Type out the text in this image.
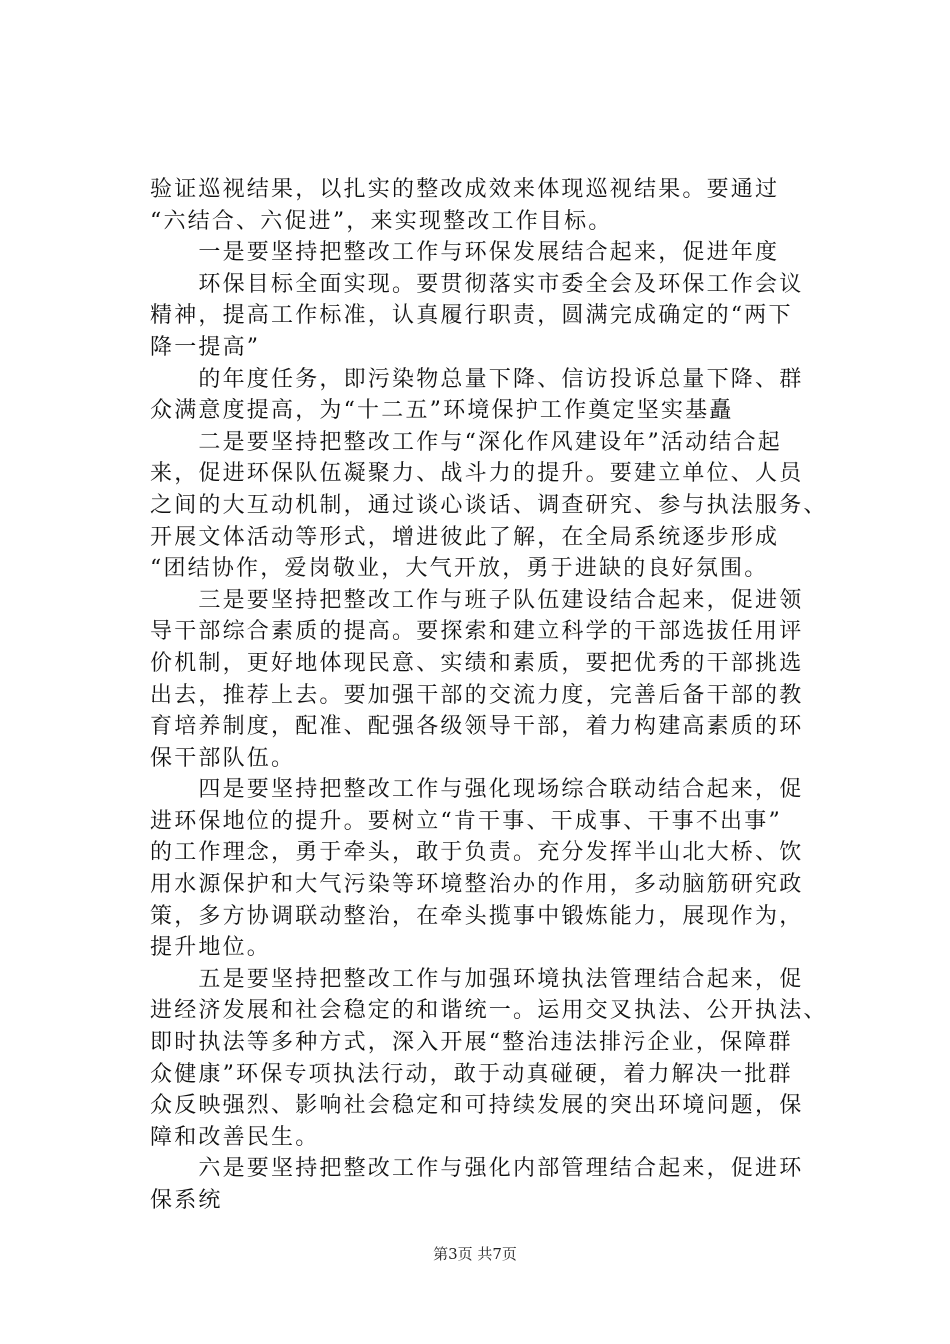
验证巡视结果，以扎实的整改成效来体现巡视结果。要通过
“六结合、六促进”，来实现整改工作目标。
　　一是要坚持把整改工作与环保发展结合起来，促进年度
　　环保目标全面实现。要贯彻落实市委全会及环保工作会议
精神，提高工作标准，认真履行职责，圆满完成确定的“两下
降一提高”
　　的年度任务，即污染物总量下降、信访投诉总量下降、群
众满意度提高，为“十二五”环境保护工作奠定坚实基矗
　　二是要坚持把整改工作与“深化作风建设年”活动结合起
来，促进环保队伍凝聚力、战斗力的提升。要建立单位、人员
之间的大互动机制，通过谈心谈话、调查研究、参与执法服务、
开展文体活动等形式，增进彼此了解，在全局系统逐步形成
“团结协作，爱岗敬业，大气开放，勇于进缺的良好氛围。
　　三是要坚持把整改工作与班子队伍建设结合起来，促进领
导干部综合素质的提高。要探索和建立科学的干部选拔任用评
价机制，更好地体现民意、实绩和素质，要把优秀的干部挑选
出去，推荐上去。要加强干部的交流力度，完善后备干部的教
育培养制度，配准、配强各级领导干部，着力构建高素质的环
保干部队伍。
　　四是要坚持把整改工作与强化现场综合联动结合起来，促
进环保地位的提升。要树立“肯干事、干成事、干事不出事”
的工作理念，勇于牵头，敢于负责。充分发挥半山北大桥、饮
用水源保护和大气污染等环境整治办的作用，多动脑筋研究政
策，多方协调联动整治，在牵头揽事中锻炼能力，展现作为，
提升地位。
　　五是要坚持把整改工作与加强环境执法管理结合起来，促
进经济发展和社会稳定的和谐统一。运用交叉执法、公开执法、
即时执法等多种方式，深入开展“整治违法排污企业，保障群
众健康”环保专项执法行动，敢于动真碰硬，着力解决一批群
众反映强烈、影响社会稳定和可持续发展的突出环境问题，保
障和改善民生。
　　六是要坚持把整改工作与强化内部管理结合起来，促进环
保系统
第3页 共7页
